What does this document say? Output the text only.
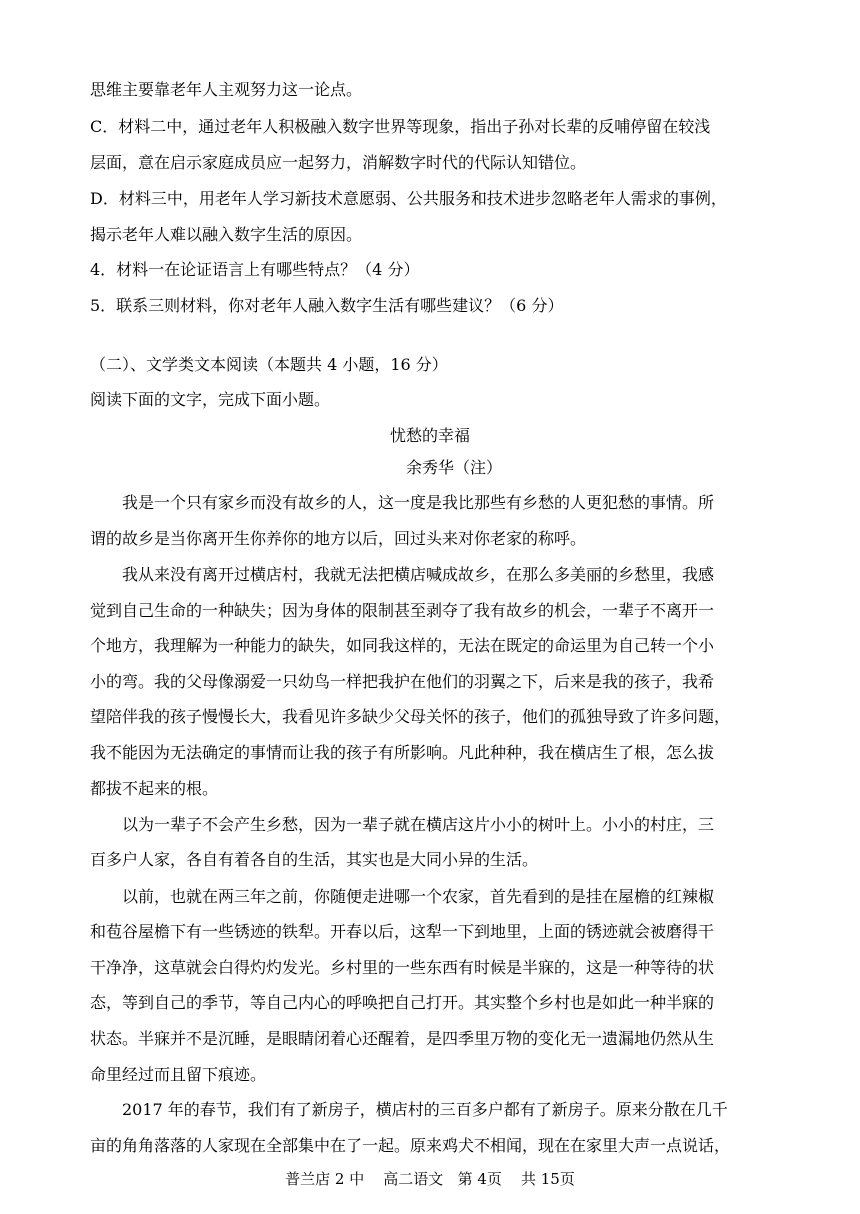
思维主要靠老年人主观努力这一论点。
C．材料二中，通过老年人积极融入数字世界等现象，指出子孙对长辈的反哺停留在较浅
层面，意在启示家庭成员应一起努力，消解数字时代的代际认知错位。
D．材料三中，用老年人学习新技术意愿弱、公共服务和技术进步忽略老年人需求的事例，
揭示老年人难以融入数字生活的原因。
4．材料一在论证语言上有哪些特点？（4 分）
5．联系三则材料，你对老年人融入数字生活有哪些建议？（6 分）
（二）、文学类文本阅读（本题共 4 小题，16 分）
阅读下面的文字，完成下面小题。
忧愁的幸福
余秀华（注）
我是一个只有家乡而没有故乡的人，这一度是我比那些有乡愁的人更犯愁的事情。所
谓的故乡是当你离开生你养你的地方以后，回过头来对你老家的称呼。
我从来没有离开过横店村，我就无法把横店喊成故乡，在那么多美丽的乡愁里，我感
觉到自己生命的一种缺失；因为身体的限制甚至剥夺了我有故乡的机会，一辈子不离开一
个地方，我理解为一种能力的缺失，如同我这样的，无法在既定的命运里为自己转一个小
小的弯。我的父母像溺爱一只幼鸟一样把我护在他们的羽翼之下，后来是我的孩子，我希
望陪伴我的孩子慢慢长大，我看见许多缺少父母关怀的孩子，他们的孤独导致了许多问题，
我不能因为无法确定的事情而让我的孩子有所影响。凡此种种，我在横店生了根，怎么拔
都拔不起来的根。
以为一辈子不会产生乡愁，因为一辈子就在横店这片小小的树叶上。小小的村庄，三
百多户人家，各自有着各自的生活，其实也是大同小异的生活。
以前，也就在两三年之前，你随便走进哪一个农家，首先看到的是挂在屋檐的红辣椒
和苞谷屋檐下有一些锈迹的铁犁。开春以后，这犁一下到地里，上面的锈迹就会被磨得干
干净净，这草就会白得灼灼发光。乡村里的一些东西有时候是半寐的，这是一种等待的状
态，等到自己的季节，等自己内心的呼唤把自己打开。其实整个乡村也是如此一种半寐的
状态。半寐并不是沉睡，是眼睛闭着心还醒着，是四季里万物的变化无一遗漏地仍然从生
命里经过而且留下痕迹。
2017 年的春节，我们有了新房子，横店村的三百多户都有了新房子。原来分散在几千
亩的角角落落的人家现在全部集中在了一起。原来鸡犬不相闻，现在在家里大声一点说话，
普兰店 2 中    高二语文   第 4页    共 15页
